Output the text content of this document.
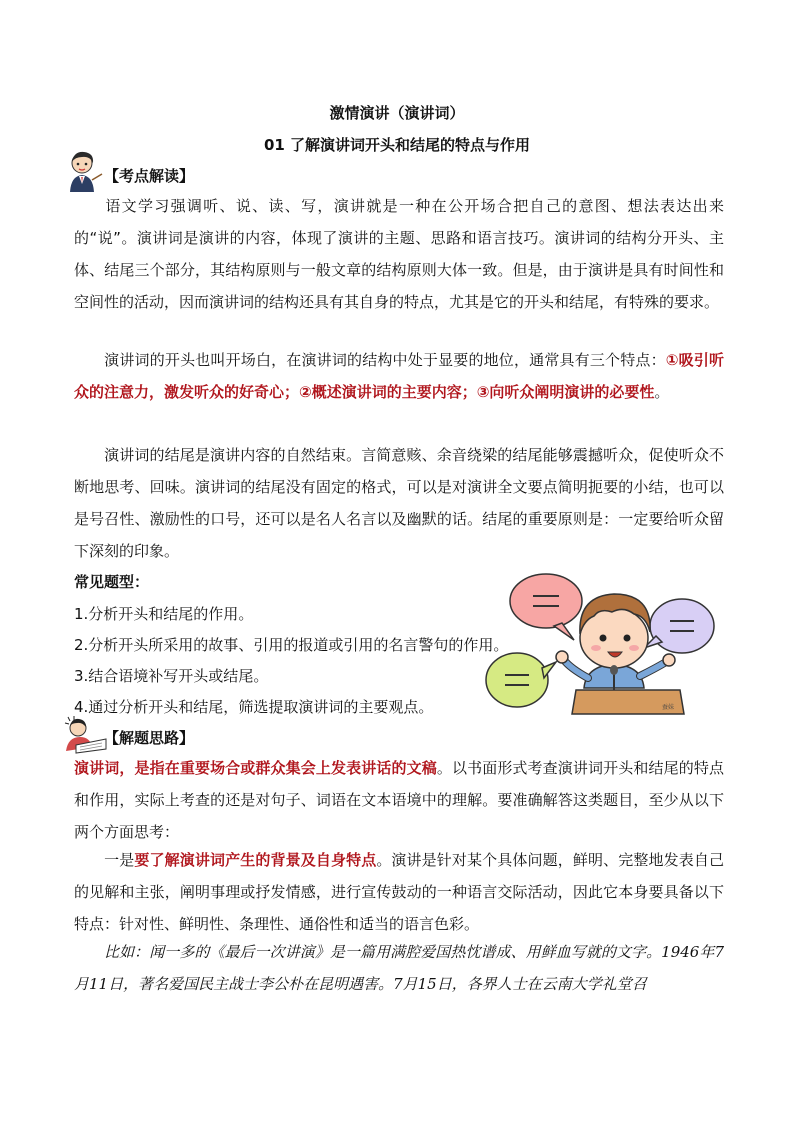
激情演讲（演讲词）
01 了解演讲词开头和结尾的特点与作用
【考点解读】

语文学习强调听、说、读、写，演讲就是一种在公开场合把自己的意图、想法表达出来的“说”。演讲词是演讲的内容，体现了演讲的主题、思路和语言技巧。演讲词的结构分开头、主体、结尾三个部分，其结构原则与一般文章的结构原则大体一致。但是，由于演讲是具有时间性和空间性的活动，因而演讲词的结构还具有其自身的特点，尤其是它的开头和结尾，有特殊的要求。

演讲词的开头也叫开场白，在演讲词的结构中处于显要的地位，通常具有三个特点：①吸引听众的注意力，激发听众的好奇心；②概述演讲词的主要内容；③向听众阐明演讲的必要性。

演讲词的结尾是演讲内容的自然结束。言简意赅、余音绕梁的结尾能够震撼听众，促使听众不断地思考、回味。演讲词的结尾没有固定的格式，可以是对演讲全文要点简明扼要的小结，也可以是号召性、激励性的口号，还可以是名人名言以及幽默的话。结尾的重要原则是：一定要给听众留下深刻的印象。

常见题型：
1.分析开头和结尾的作用。
2.分析开头所采用的故事、引用的报道或引用的名言警句的作用。
3.结合语境补写开头或结尾。
4.通过分析开头和结尾，筛选提取演讲词的主要观点。	蚕妹
【解题思路】

演讲词，是指在重要场合或群众集会上发表讲话的文稿。以书面形式考查演讲词开头和结尾的特点和作用，实际上考查的还是对句子、词语在文本语境中的理解。要准确解答这类题目，至少从以下两个方面思考：

一是要了解演讲词产生的背景及自身特点。演讲是针对某个具体问题，鲜明、完整地发表自己的见解和主张，阐明事理或抒发情感，进行宣传鼓动的一种语言交际活动，因此它本身要具备以下特点：针对性、鲜明性、条理性、通俗性和适当的语言色彩。

比如：闻一多的《最后一次讲演》是一篇用满腔爱国热忱谱成、用鲜血写就的文字。1946年7月11日，著名爱国民主战士李公朴在昆明遇害。7月15日，各界人士在云南大学礼堂召
